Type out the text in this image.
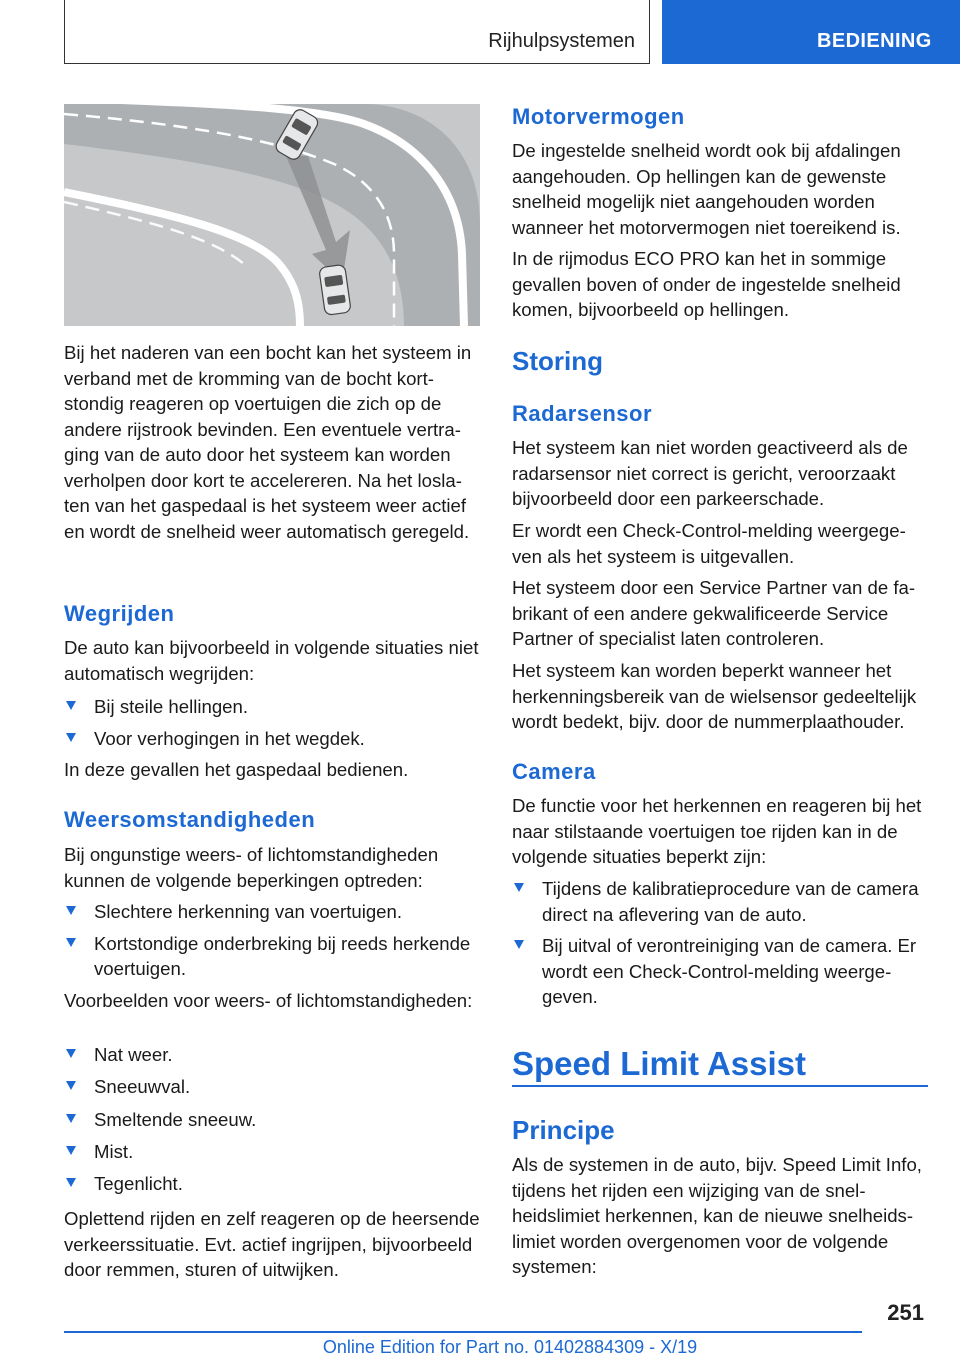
Rijhulpsystemen	BEDIENING

Bij het naderen van een bocht kan het systeem in verband met de kromming van de bocht kortstondig reageren op voertuigen die zich op de andere rijstrook bevinden. Een eventuele vertraging van de auto door het systeem kan worden verholpen door kort te accelereren. Na het loslaten van het gaspedaal is het systeem weer actief en wordt de snelheid weer automatisch geregeld.

Wegrijden

De auto kan bijvoorbeeld in volgende situaties niet automatisch wegrijden:

Bij steile hellingen.
Voor verhogingen in het wegdek.

In deze gevallen het gaspedaal bedienen.

Weersomstandigheden

Bij ongunstige weers- of lichtomstandigheden kunnen de volgende beperkingen optreden:

Slechtere herkenning van voertuigen.
Kortstondige onderbreking bij reeds herkende voertuigen.

Voorbeelden voor weers- of lichtomstandigheden:

Nat weer.
Sneeuwval.
Smeltende sneeuw.
Mist.
Tegenlicht.

Oplettend rijden en zelf reageren op de heersende verkeerssituatie. Evt. actief ingrijpen, bijvoorbeeld door remmen, sturen of uitwijken.

Motorvermogen

De ingestelde snelheid wordt ook bij afdalingen aangehouden. Op hellingen kan de gewenste snelheid mogelijk niet aangehouden worden wanneer het motorvermogen niet toereikend is.

In de rijmodus ECO PRO kan het in sommige gevallen boven of onder de ingestelde snelheid komen, bijvoorbeeld op hellingen.

Storing
Radarsensor

Het systeem kan niet worden geactiveerd als de radarsensor niet correct is gericht, veroorzaakt bijvoorbeeld door een parkeerschade.

Er wordt een Check-Control-melding weergegeven als het systeem is uitgevallen.

Het systeem door een Service Partner van de fabrikant of een andere gekwalificeerde Service Partner of specialist laten controleren.

Het systeem kan worden beperkt wanneer het herkenningsbereik van de wielsensor gedeeltelijk wordt bedekt, bijv. door de nummerplaathouder.

Camera

De functie voor het herkennen en reageren bij het naar stilstaande voertuigen toe rijden kan in de volgende situaties beperkt zijn:

Tijdens de kalibratieprocedure van de camera direct na aflevering van de auto.
Bij uitval of verontreiniging van de camera. Er wordt een Check-Control-melding weergegeven.
Speed Limit Assist
Principe

Als de systemen in de auto, bijv. Speed Limit Info, tijdens het rijden een wijziging van de snelheidslimiet herkennen, kan de nieuwe snelheidslimiet worden overgenomen voor de volgende systemen:

251
Online Edition for Part no. 01402884309 - X/19
